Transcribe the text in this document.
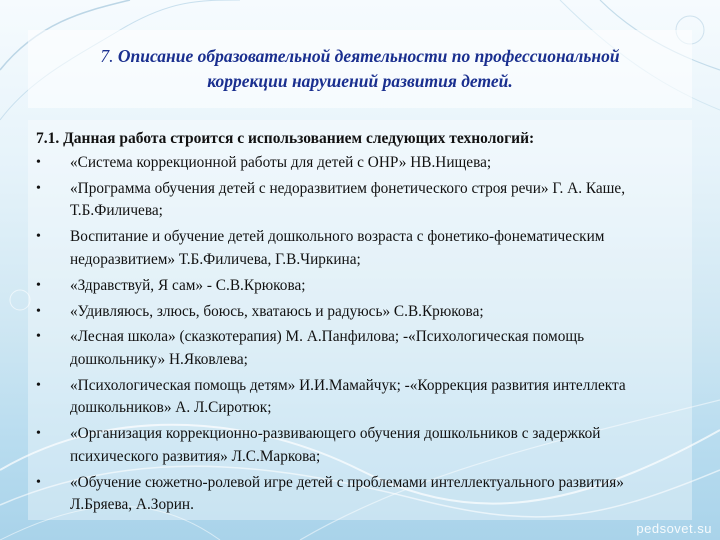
7. Описание образовательной деятельности по профессиональной
коррекции нарушений развития детей.
7.1. Данная работа строится с использованием следующих технологий:
• «Система коррекционной работы для детей с ОНР» НВ.Нищева;
• «Программа обучения детей с недоразвитием фонетического строя речи» Г. А. Каше, Т.Б.Филичева;
• Воспитание и обучение детей дошкольного возраста с фонетико-фонематическим недоразвитием» Т.Б.Филичева, Г.В.Чиркина;
• «Здравствуй, Я сам» - С.В.Крюкова;
• «Удивляюсь, злюсь, боюсь, хватаюсь и радуюсь» С.В.Крюкова;
• «Лесная школа» (сказкотерапия) М. А.Панфилова; -«Психологическая помощь дошкольнику» Н.Яковлева;
• «Психологическая помощь детям» И.И.Мамайчук; -«Коррекция развития интеллекта дошкольников» А. Л.Сиротюк;
• «Организация коррекционно-развивающего обучения дошкольников с задержкой психического развития» Л.С.Маркова;
• «Обучение сюжетно-ролевой игре детей с проблемами интеллектуального развития» Л.Бряева, А.Зорин.
pedsovet.su
